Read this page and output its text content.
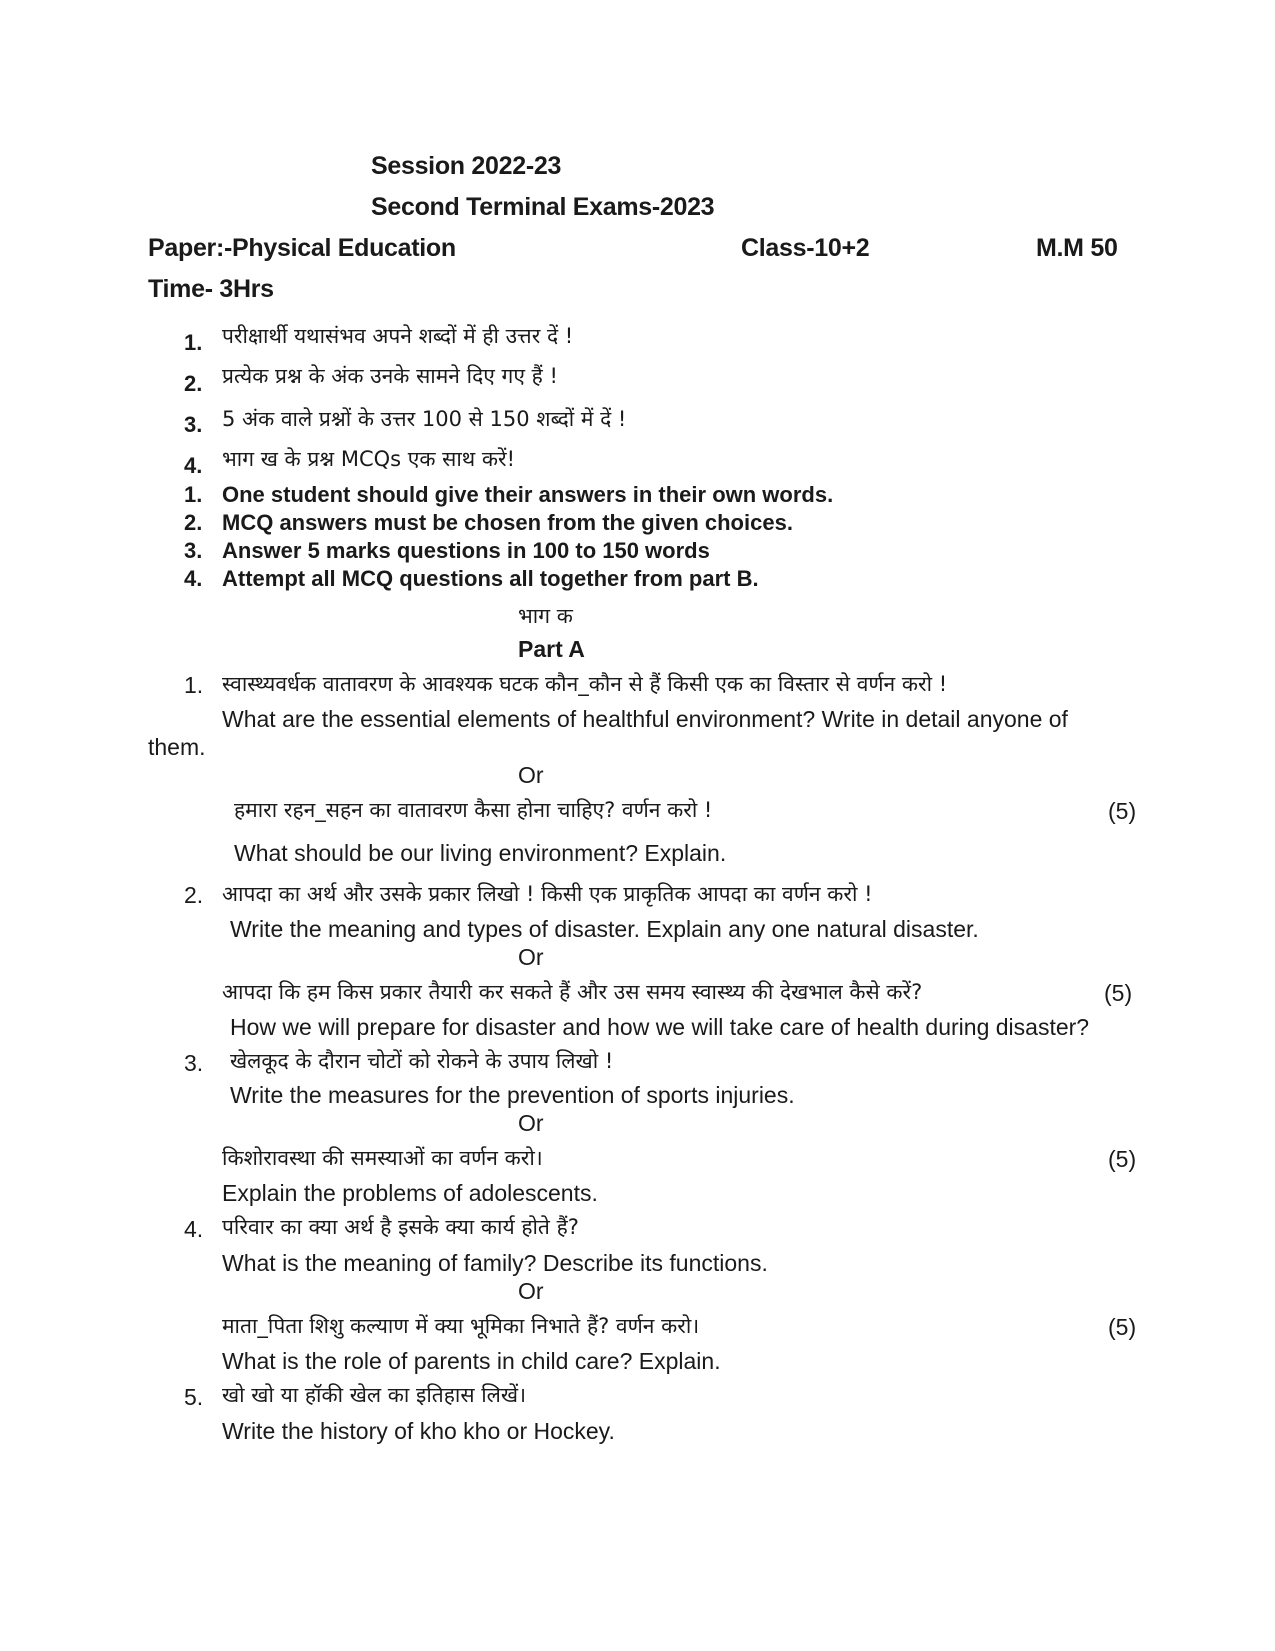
Session 2022-23
Second Terminal Exams-2023
Paper:-Physical Education	Class-10+2	M.M 50
Time- 3Hrs
1. परीक्षार्थी यथासंभव अपने शब्दों में ही उत्तर दें !
2. प्रत्येक प्रश्न के अंक उनके सामने दिए गए हैं !
3. 5 अंक वाले प्रश्नों के उत्तर 100 से 150 शब्दों में दें !
4. भाग ख के प्रश्न MCQs एक साथ करें!
1. One student should give their answers in their own words.
2. MCQ answers must be chosen from the given choices.
3. Answer 5 marks questions in 100 to 150 words
4. Attempt all MCQ questions all together from part B.
भाग क
Part A
1. स्वास्थ्यवर्धक वातावरण के आवश्यक घटक कौन_कौन से हैं किसी एक का विस्तार से वर्णन करो !
What are the essential elements of healthful environment? Write in detail anyone of
them.
Or
हमारा रहन_सहन का वातावरण कैसा होना चाहिए? वर्णन करो !	(5)
What should be our living environment? Explain.
2. आपदा का अर्थ और उसके प्रकार लिखो ! किसी एक प्राकृतिक आपदा का वर्णन करो !
Write the meaning and types of disaster. Explain any one natural disaster.
Or
आपदा कि हम किस प्रकार तैयारी कर सकते हैं और उस समय स्वास्थ्य की देखभाल कैसे करें?	(5)
How we will prepare for disaster and how we will take care of health during disaster?
3. खेलकूद के दौरान चोटों को रोकने के उपाय लिखो !
Write the measures for the prevention of sports injuries.
Or
किशोरावस्था की समस्याओं का वर्णन करो।	(5)
Explain the problems of adolescents.
4. परिवार का क्या अर्थ है इसके क्या कार्य होते हैं?
What is the meaning of family? Describe its functions.
Or
माता_पिता शिशु कल्याण में क्या भूमिका निभाते हैं? वर्णन करो।	(5)
What is the role of parents in child care? Explain.
5. खो खो या हॉकी खेल का इतिहास लिखें।
Write the history of kho kho or Hockey.
